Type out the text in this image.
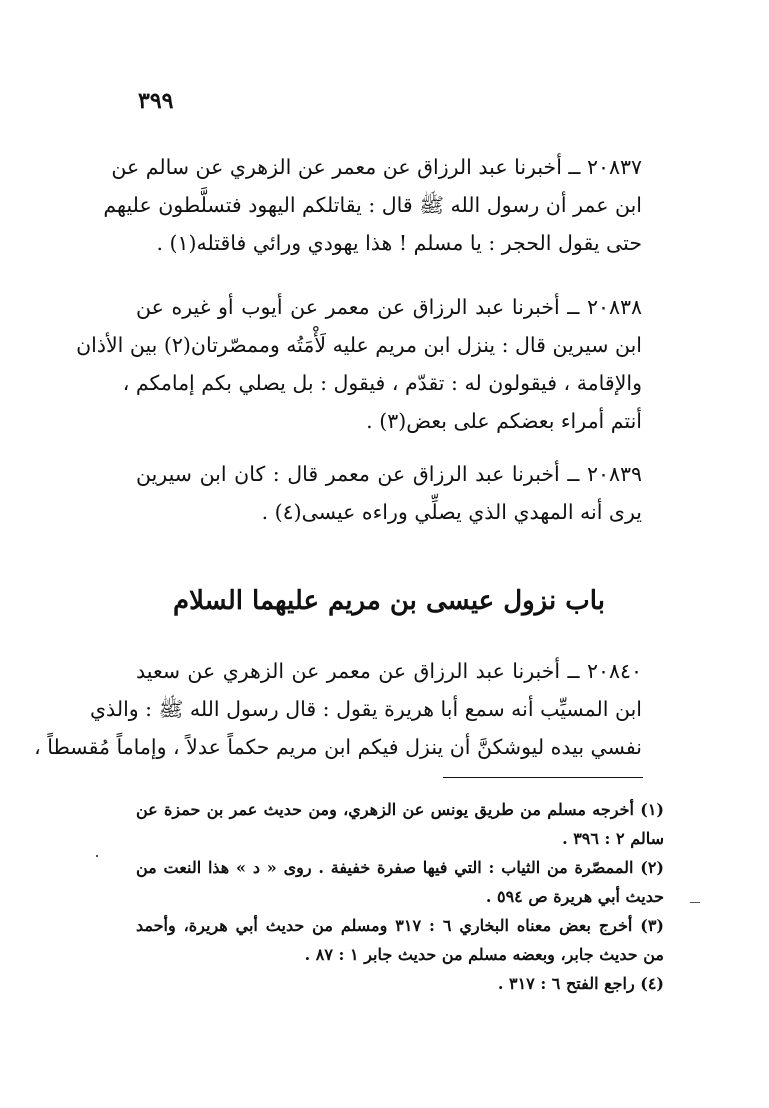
٣٩٩
٢٠٨٣٧ ــ أخبرنا عبد الرزاق عن معمر عن الزهري عن سالم عن
ابن عمر أن رسول الله ﷺ قال : يقاتلكم اليهود فتسلَّطون عليهم
حتى يقول الحجر : يا مسلم ! هذا يهودي ورائي فاقتله(١) .
٢٠٨٣٨ ــ أخبرنا عبد الرزاق عن معمر عن أيوب أو غيره عن
ابن سيرين قال : ينزل ابن مريم عليه لَأْمَتُه وممصّرتان(٢) بين الأذان
والإقامة ، فيقولون له : تقدّم ، فيقول : بل يصلي بكم إمامكم ،
أنتم أمراء بعضكم على بعض(٣) .
٢٠٨٣٩ ــ أخبرنا عبد الرزاق عن معمر قال : كان ابن سيرين
يرى أنه المهدي الذي يصلِّي وراءه عيسى(٤) .
باب نزول عيسى بن مريم عليهما السلام
٢٠٨٤٠ ــ أخبرنا عبد الرزاق عن معمر عن الزهري عن سعيد
ابن المسيِّب أنه سمع أبا هريرة يقول : قال رسول الله ﷺ : والذي
نفسي بيده ليوشكنَّ أن ينزل فيكم ابن مريم حكماً عدلاً ، وإماماً مُقسطاً ،
(١) أخرجه مسلم من طريق يونس عن الزهري، ومن حديث عمر بن حمزة عن
سالم ٢ : ٣٩٦ .
(٢) الممصّرة من الثياب : التي فيها صفرة خفيفة . روى « د » هذا النعت من
حديث أبي هريرة ص ٥٩٤ .
(٣) أخرج بعض معناه البخاري ٦ : ٣١٧ ومسلم من حديث أبي هريرة، وأحمد
من حديث جابر، وبعضه مسلم من حديث جابر ١ : ٨٧ .
(٤) راجع الفتح ٦ : ٣١٧ .
